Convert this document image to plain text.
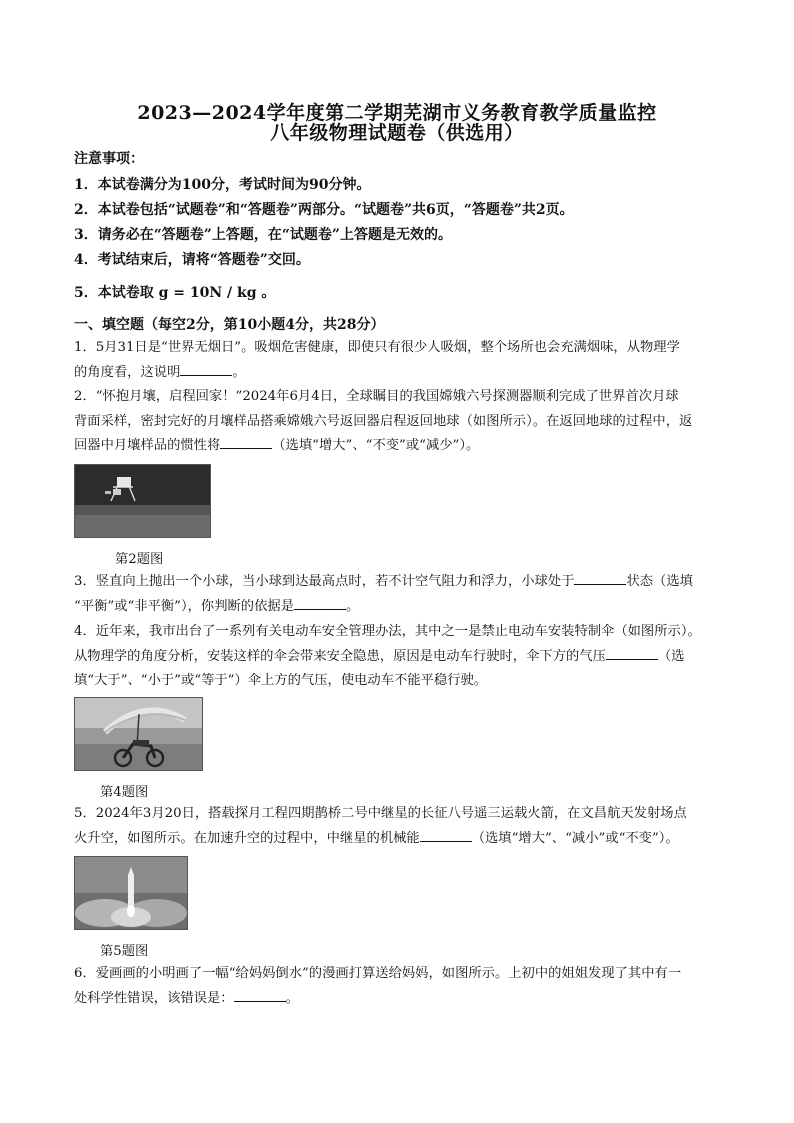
2023—2024学年度第二学期芜湖市义务教育教学质量监控
八年级物理试题卷（供选用）
注意事项：
1．本试卷满分为100分，考试时间为90分钟。
2．本试卷包括“试题卷”和“答题卷”两部分。“试题卷”共6页，“答题卷”共2页。
3．请务必在“答题卷”上答题，在“试题卷”上答题是无效的。
4．考试结束后，请将“答题卷”交回。
5．本试卷取 g = 10N / kg 。
一、填空题（每空2分，第10小题4分，共28分）
1．5月31日是“世界无烟日”。吸烟危害健康，即使只有很少人吸烟，整个场所也会充满烟味，从物理学
的角度看，这说明	。
2．“怀抱月壤，启程回家！”2024年6月4日，全球瞩目的我国嫦娥六号探测器顺利完成了世界首次月球
背面采样，密封完好的月壤样品搭乘嫦娥六号返回器启程返回地球（如图所示）。在返回地球的过程中，返
回器中月壤样品的惯性将	（选填“增大”、“不变”或“减少”）。
第2题图
3．竖直向上抛出一个小球，当小球到达最高点时，若不计空气阻力和浮力，小球处于	状态（选填
“平衡”或“非平衡”），你判断的依据是	。
4．近年来，我市出台了一系列有关电动车安全管理办法，其中之一是禁止电动车安装特制伞（如图所示）。
从物理学的角度分析，安装这样的伞会带来安全隐患，原因是电动车行驶时，伞下方的气压	（选
填“大于”、“小于”或“等于”）伞上方的气压，使电动车不能平稳行驶。
第4题图
5．2024年3月20日，搭载探月工程四期鹊桥二号中继星的长征八号遥三运载火箭，在文昌航天发射场点
火升空，如图所示。在加速升空的过程中，中继星的机械能	（选填“增大”、“减小”或“不变”）。
第5题图
6．爱画画的小明画了一幅“给妈妈倒水”的漫画打算送给妈妈，如图所示。上初中的姐姐发现了其中有一
处科学性错误，该错误是：	。
